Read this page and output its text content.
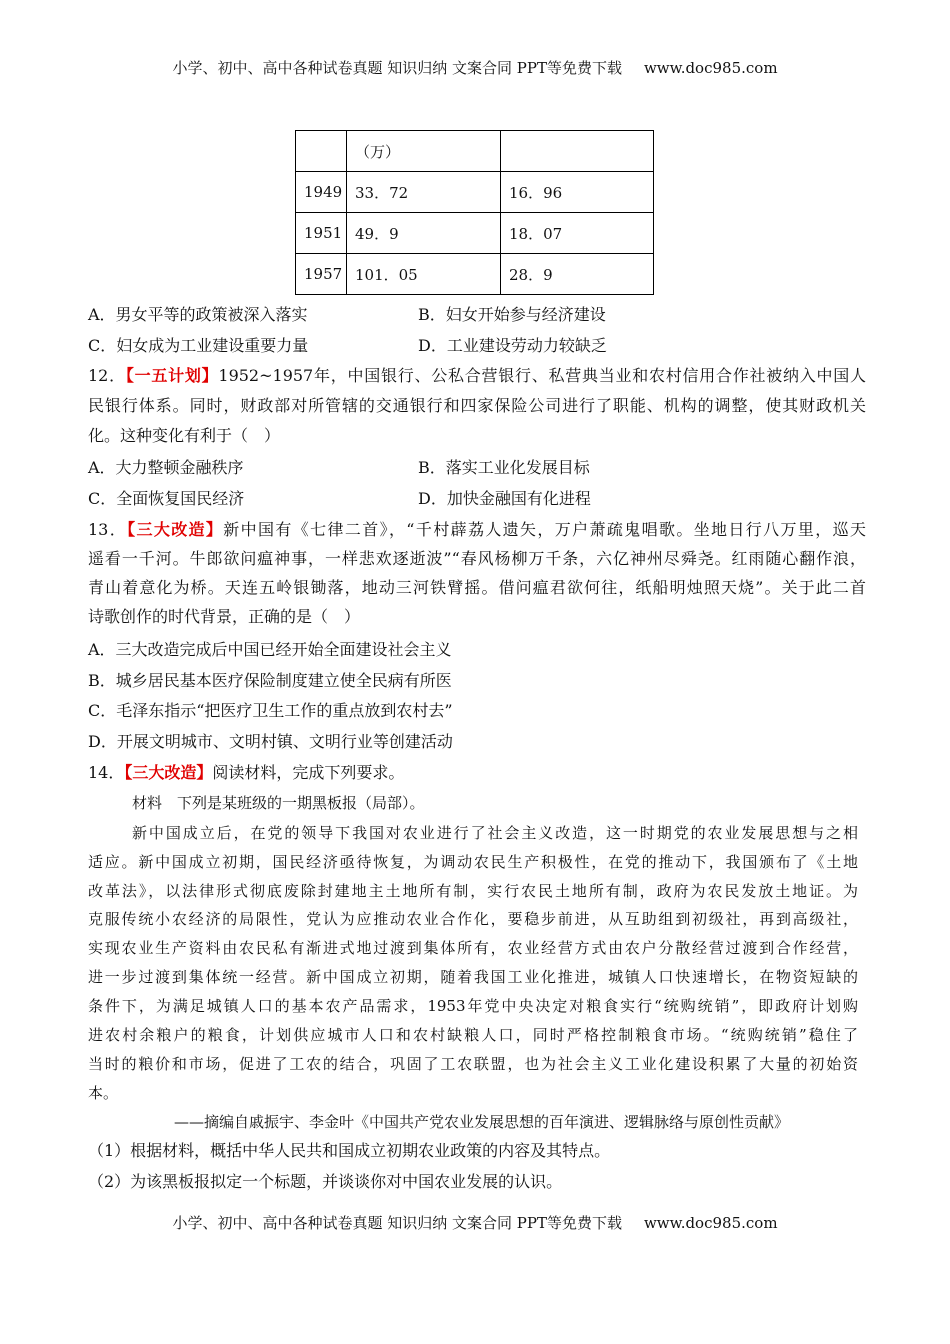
小学、初中、高中各种试卷真题 知识归纳 文案合同 PPT等免费下载 www.doc985.com
	（万）	
1949	33．72	16．96
1951	49．9	18．07
1957	101．05	28．9
A．男女平等的政策被深入落实	B．妇女开始参与经济建设
C．妇女成为工业建设重要力量	D．工业建设劳动力较缺乏
12．【一五计划】1952~1957年，中国银行、公私合营银行、私营典当业和农村信用合作社被纳入中国人
民银行体系。同时，财政部对所管辖的交通银行和四家保险公司进行了职能、机构的调整，使其财政机关
化。这种变化有利于（　）
A．大力整顿金融秩序	B．落实工业化发展目标
C．全面恢复国民经济	D．加快金融国有化进程
13．【三大改造】新中国有《七律二首》，“千村薜荔人遗矢，万户萧疏鬼唱歌。坐地日行八万里，巡天
遥看一千河。牛郎欲问瘟神事，一样悲欢逐逝波”“春风杨柳万千条，六亿神州尽舜尧。红雨随心翻作浪，
青山着意化为桥。天连五岭银锄落，地动三河铁臂摇。借问瘟君欲何往，纸船明烛照天烧”。关于此二首
诗歌创作的时代背景，正确的是（　）
A．三大改造完成后中国已经开始全面建设社会主义
B．城乡居民基本医疗保险制度建立使全民病有所医
C．毛泽东指示“把医疗卫生工作的重点放到农村去”
D．开展文明城市、文明村镇、文明行业等创建活动
14．【三大改造】阅读材料，完成下列要求。
材料　下列是某班级的一期黑板报（局部）。
新中国成立后，在党的领导下我国对农业进行了社会主义改造，这一时期党的农业发展思想与之相
适应。新中国成立初期，国民经济亟待恢复，为调动农民生产积极性，在党的推动下，我国颁布了《土地
改革法》，以法律形式彻底废除封建地主土地所有制，实行农民土地所有制，政府为农民发放土地证。为
克服传统小农经济的局限性，党认为应推动农业合作化，要稳步前进，从互助组到初级社，再到高级社，
实现农业生产资料由农民私有渐进式地过渡到集体所有，农业经营方式由农户分散经营过渡到合作经营，
进一步过渡到集体统一经营。新中国成立初期，随着我国工业化推进，城镇人口快速增长，在物资短缺的
条件下，为满足城镇人口的基本农产品需求，1953年党中央决定对粮食实行“统购统销”，即政府计划购
进农村余粮户的粮食，计划供应城市人口和农村缺粮人口，同时严格控制粮食市场。“统购统销”稳住了
当时的粮价和市场，促进了工农的结合，巩固了工农联盟，也为社会主义工业化建设积累了大量的初始资
本。
——摘编自戚振宇、李金叶《中国共产党农业发展思想的百年演进、逻辑脉络与原创性贡献》
（1）根据材料，概括中华人民共和国成立初期农业政策的内容及其特点。
（2）为该黑板报拟定一个标题，并谈谈你对中国农业发展的认识。
小学、初中、高中各种试卷真题 知识归纳 文案合同 PPT等免费下载 www.doc985.com
